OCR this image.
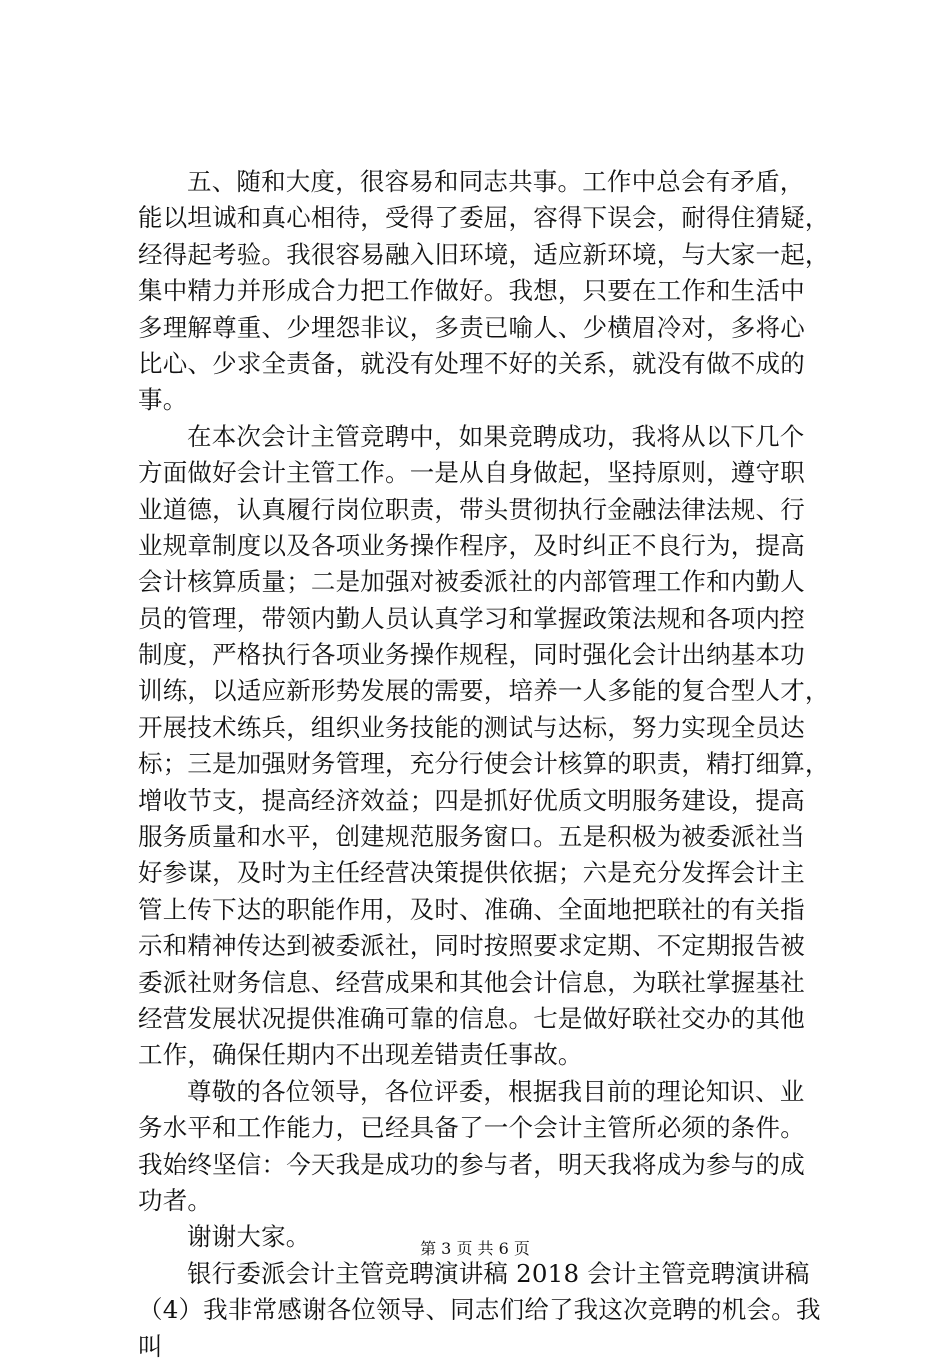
五、随和大度，很容易和同志共事。工作中总会有矛盾，
能以坦诚和真心相待，受得了委屈，容得下误会，耐得住猜疑，
经得起考验。我很容易融入旧环境，适应新环境，与大家一起，
集中精力并形成合力把工作做好。我想，只要在工作和生活中
多理解尊重、少埋怨非议，多责已喻人、少横眉冷对，多将心
比心、少求全责备，就没有处理不好的关系，就没有做不成的
事。
在本次会计主管竞聘中，如果竞聘成功，我将从以下几个
方面做好会计主管工作。一是从自身做起，坚持原则，遵守职
业道德，认真履行岗位职责，带头贯彻执行金融法律法规、行
业规章制度以及各项业务操作程序，及时纠正不良行为，提高
会计核算质量；二是加强对被委派社的内部管理工作和内勤人
员的管理，带领内勤人员认真学习和掌握政策法规和各项内控
制度，严格执行各项业务操作规程，同时强化会计出纳基本功
训练，以适应新形势发展的需要，培养一人多能的复合型人才，
开展技术练兵，组织业务技能的测试与达标，努力实现全员达
标；三是加强财务管理，充分行使会计核算的职责，精打细算，
增收节支，提高经济效益；四是抓好优质文明服务建设，提高
服务质量和水平，创建规范服务窗口。五是积极为被委派社当
好参谋，及时为主任经营决策提供依据；六是充分发挥会计主
管上传下达的职能作用，及时、准确、全面地把联社的有关指
示和精神传达到被委派社，同时按照要求定期、不定期报告被
委派社财务信息、经营成果和其他会计信息，为联社掌握基社
经营发展状况提供准确可靠的信息。七是做好联社交办的其他
工作，确保任期内不出现差错责任事故。
尊敬的各位领导，各位评委，根据我目前的理论知识、业
务水平和工作能力，已经具备了一个会计主管所必须的条件。
我始终坚信：今天我是成功的参与者，明天我将成为参与的成
功者。
谢谢大家。
银行委派会计主管竞聘演讲稿 2018 会计主管竞聘演讲稿
（4）我非常感谢各位领导、同志们给了我这次竞聘的机会。我
叫
第 3 页 共 6 页
